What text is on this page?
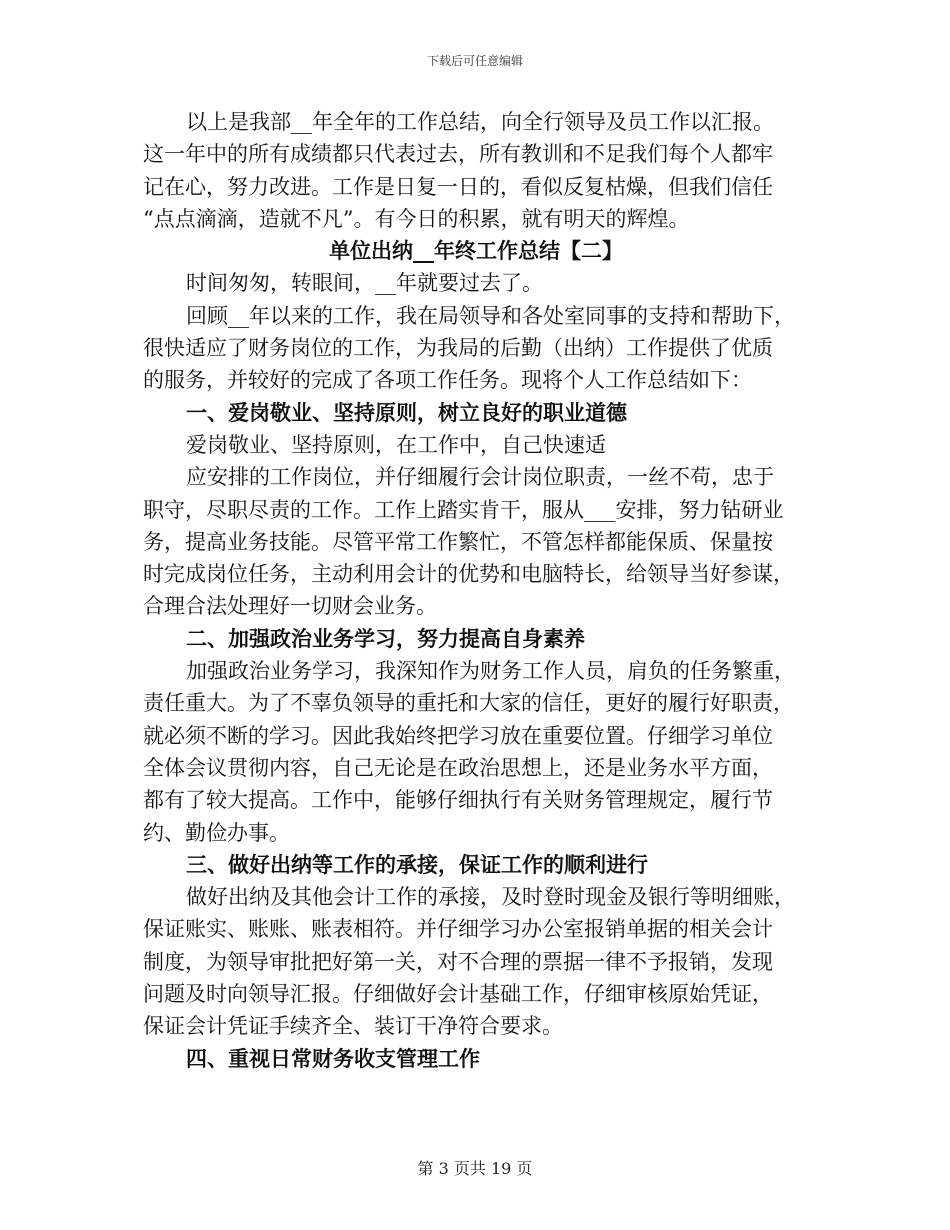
下载后可任意编辑
以上是我部__年全年的工作总结，向全行领导及员工作以汇报。
这一年中的所有成绩都只代表过去，所有教训和不足我们每个人都牢
记在心，努力改进。工作是日复一日的，看似反复枯燥，但我们信任
“点点滴滴，造就不凡”。有今日的积累，就有明天的辉煌。
单位出纳__年终工作总结【二】
时间匆匆，转眼间，__年就要过去了。
回顾__年以来的工作，我在局领导和各处室同事的支持和帮助下，
很快适应了财务岗位的工作，为我局的后勤（出纳）工作提供了优质
的服务，并较好的完成了各项工作任务。现将个人工作总结如下：
一、爱岗敬业、坚持原则，树立良好的职业道德
爱岗敬业、坚持原则，在工作中，自己快速适
应安排的工作岗位，并仔细履行会计岗位职责，一丝不苟，忠于
职守，尽职尽责的工作。工作上踏实肯干，服从___安排，努力钻研业
务，提高业务技能。尽管平常工作繁忙，不管怎样都能保质、保量按
时完成岗位任务，主动利用会计的优势和电脑特长，给领导当好参谋，
合理合法处理好一切财会业务。
二、加强政治业务学习，努力提高自身素养
加强政治业务学习，我深知作为财务工作人员，肩负的任务繁重，
责任重大。为了不辜负领导的重托和大家的信任，更好的履行好职责，
就必须不断的学习。因此我始终把学习放在重要位置。仔细学习单位
全体会议贯彻内容，自己无论是在政治思想上，还是业务水平方面，
都有了较大提高。工作中，能够仔细执行有关财务管理规定，履行节
约、勤俭办事。
三、做好出纳等工作的承接，保证工作的顺利进行
做好出纳及其他会计工作的承接，及时登时现金及银行等明细账，
保证账实、账账、账表相符。并仔细学习办公室报销单据的相关会计
制度，为领导审批把好第一关，对不合理的票据一律不予报销，发现
问题及时向领导汇报。仔细做好会计基础工作，仔细审核原始凭证，
保证会计凭证手续齐全、装订干净符合要求。
四、重视日常财务收支管理工作
第 3 页共 19 页
